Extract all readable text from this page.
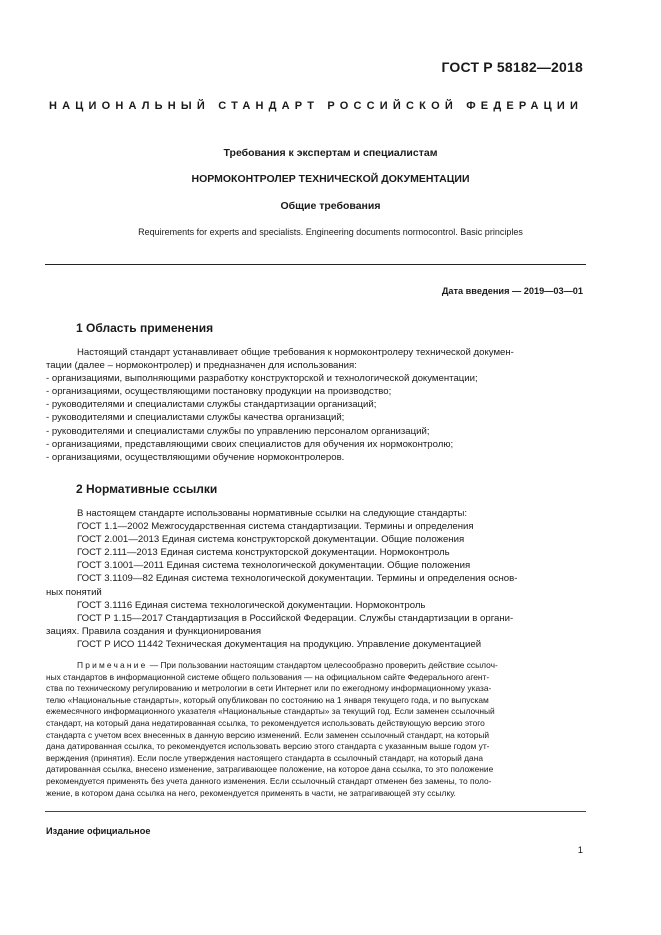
ГОСТ Р 58182—2018
НАЦИОНАЛЬНЫЙ СТАНДАРТ РОССИЙСКОЙ ФЕДЕРАЦИИ
Требования к экспертам и специалистам
НОРМОКОНТРОЛЕР ТЕХНИЧЕСКОЙ ДОКУМЕНТАЦИИ
Общие требования
Requirements for experts and specialists. Engineering documents normocontrol. Basic principles
Дата введения — 2019—03—01
1 Область применения
Настоящий стандарт устанавливает общие требования к нормоконтролеру технической докумен-
тации (далее – нормоконтролер) и предназначен для использования:
- организациями, выполняющими разработку конструкторской и технологической документации;
- организациями, осуществляющими постановку продукции на производство;
- руководителями и специалистами службы стандартизации организаций;
- руководителями и специалистами службы качества организаций;
- руководителями и специалистами службы по управлению персоналом организаций;
- организациями, представляющими своих специалистов для обучения их нормоконтролю;
- организациями, осуществляющими обучение нормоконтролеров.
2 Нормативные ссылки
В настоящем стандарте использованы нормативные ссылки на следующие стандарты:
ГОСТ 1.1—2002 Межгосударственная система стандартизации. Термины и определения
ГОСТ 2.001—2013 Единая система конструкторской документации. Общие положения
ГОСТ 2.111—2013 Единая система конструкторской документации. Нормоконтроль
ГОСТ 3.1001—2011 Единая система технологической документации. Общие положения
ГОСТ 3.1109—82 Единая система технологической документации. Термины и определения основ-
ных понятий
ГОСТ 3.1116 Единая система технологической документации. Нормоконтроль
ГОСТ Р 1.15—2017 Стандартизация в Российской Федерации. Службы стандартизации в органи-
зациях. Правила создания и функционирования
ГОСТ Р ИСО 11442 Техническая документация на продукцию. Управление документацией
Примечание — При пользовании настоящим стандартом целесообразно проверить действие ссылоч-
ных стандартов в информационной системе общего пользования — на официальном сайте Федерального агент-
ства по техническому регулированию и метрологии в сети Интернет или по ежегодному информационному указа-
телю «Национальные стандарты», который опубликован по состоянию на 1 января текущего года, и по выпускам
ежемесячного информационного указателя «Национальные стандарты» за текущий год. Если заменен ссылочный
стандарт, на который дана недатированная ссылка, то рекомендуется использовать действующую версию этого
стандарта с учетом всех внесенных в данную версию изменений. Если заменен ссылочный стандарт, на который
дана датированная ссылка, то рекомендуется использовать версию этого стандарта с указанным выше годом ут-
верждения (принятия). Если после утверждения настоящего стандарта в ссылочный стандарт, на который дана
датированная ссылка, внесено изменение, затрагивающее положение, на которое дана ссылка, то это положение
рекомендуется применять без учета данного изменения. Если ссылочный стандарт отменен без замены, то поло-
жение, в котором дана ссылка на него, рекомендуется применять в части, не затрагивающей эту ссылку.
Издание официальное
1
